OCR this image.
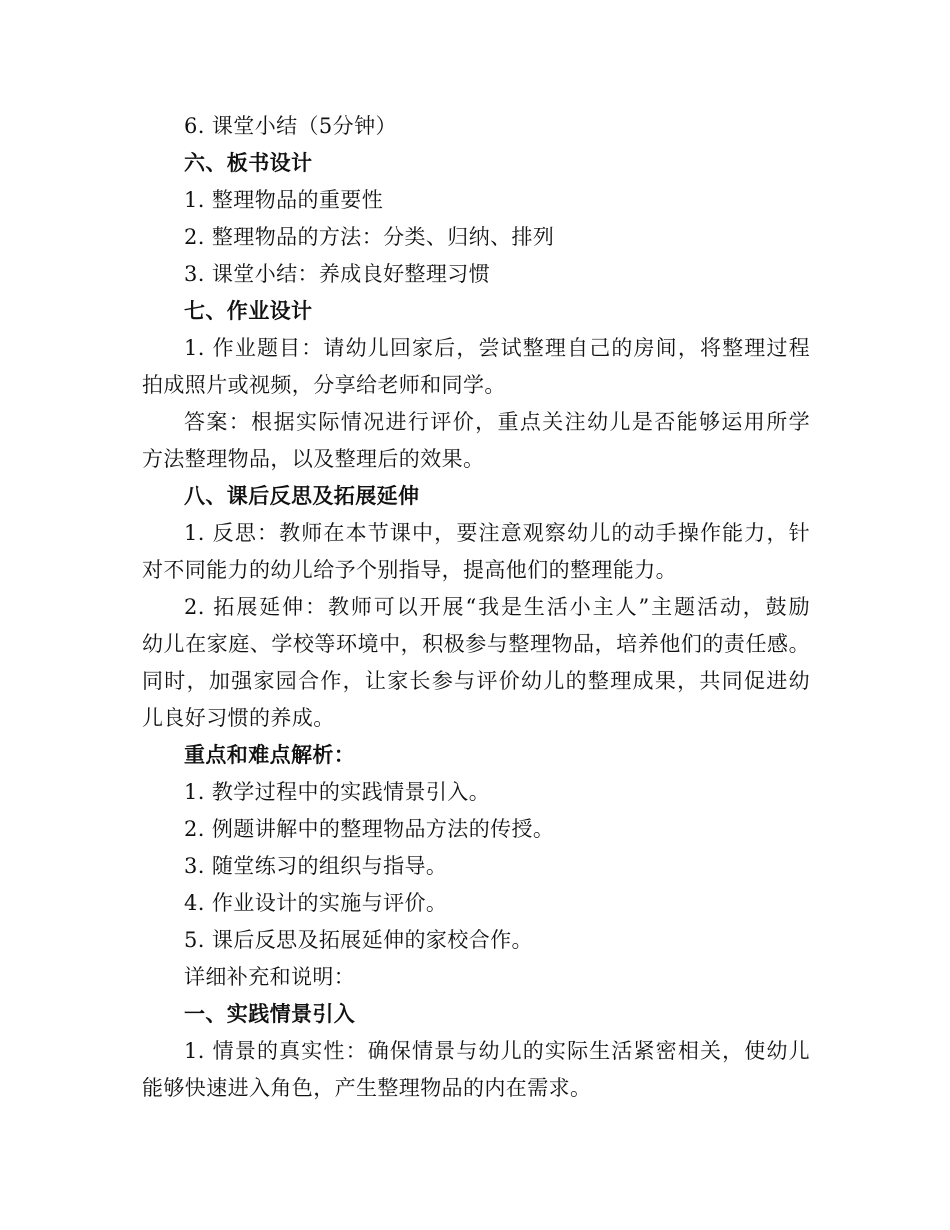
6. 课堂小结（5分钟）
六、板书设计
1. 整理物品的重要性
2. 整理物品的方法：分类、归纳、排列
3. 课堂小结：养成良好整理习惯
七、作业设计
1. 作业题目：请幼儿回家后，尝试整理自己的房间，将整理过程
拍成照片或视频，分享给老师和同学。
答案：根据实际情况进行评价，重点关注幼儿是否能够运用所学
方法整理物品，以及整理后的效果。
八、课后反思及拓展延伸
1. 反思：教师在本节课中，要注意观察幼儿的动手操作能力，针
对不同能力的幼儿给予个别指导，提高他们的整理能力。
2. 拓展延伸：教师可以开展“我是生活小主人”主题活动，鼓励
幼儿在家庭、学校等环境中，积极参与整理物品，培养他们的责任感。
同时，加强家园合作，让家长参与评价幼儿的整理成果，共同促进幼
儿良好习惯的养成。
重点和难点解析：
1. 教学过程中的实践情景引入。
2. 例题讲解中的整理物品方法的传授。
3. 随堂练习的组织与指导。
4. 作业设计的实施与评价。
5. 课后反思及拓展延伸的家校合作。
详细补充和说明：
一、实践情景引入
1. 情景的真实性：确保情景与幼儿的实际生活紧密相关，使幼儿
能够快速进入角色，产生整理物品的内在需求。
